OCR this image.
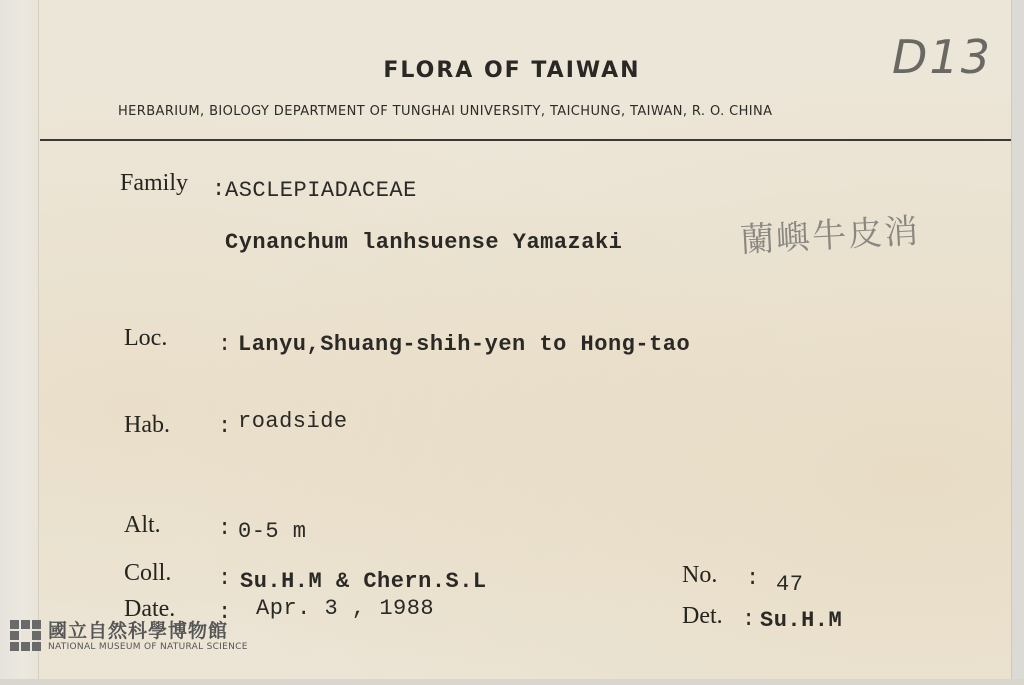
FLORA OF TAIWAN
HERBARIUM, BIOLOGY DEPARTMENT OF TUNGHAI UNIVERSITY, TAICHUNG, TAIWAN, R. O. CHINA
D13
Family : ASCLEPIADACEAE
Cynanchum lanhsuense Yamazaki	蘭嶼牛皮消
Loc. : Lanyu,Shuang-shih-yen to Hong-tao
Hab. : roadside
Alt.	: 0-5 m
Coll. : Su.H.M & Chern.S.L	No. : 47
Date. : Apr. 3 , 1988	Det. : Su.H.M
國立自然科學博物館
NATIONAL MUSEUM OF NATURAL SCIENCE
